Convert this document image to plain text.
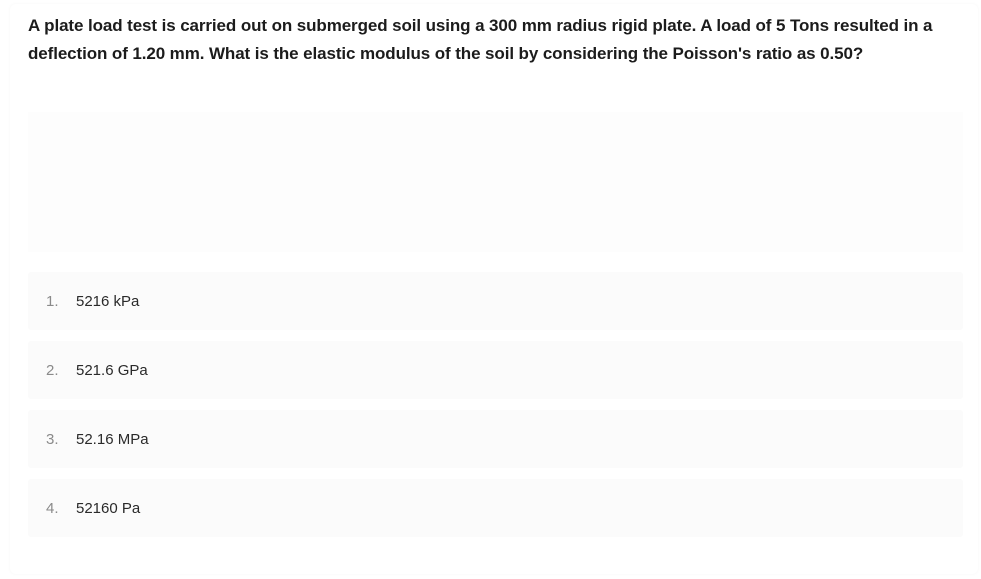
A plate load test is carried out on submerged soil using a 300 mm radius rigid plate. A load of 5 Tons resulted in a deflection of 1.20 mm. What is the elastic modulus of the soil by considering the Poisson's ratio as 0.50?
1.	5216 kPa
2.	521.6 GPa
3.	52.16 MPa
4.	52160 Pa
